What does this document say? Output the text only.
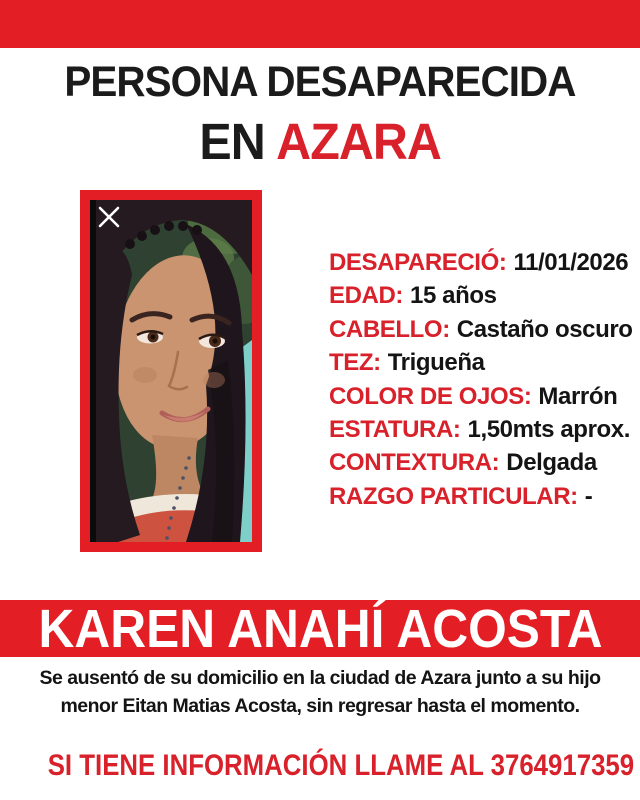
PERSONA DESAPARECIDA
EN AZARA
DESAPARECIÓ: 11/01/2026
EDAD: 15 años
CABELLO: Castaño oscuro
TEZ: Trigueña
COLOR DE OJOS: Marrón
ESTATURA: 1,50mts aprox.
CONTEXTURA: Delgada
RAZGO PARTICULAR: -
KAREN ANAHÍ ACOSTA
Se ausentó de su domicilio en la ciudad de Azara junto a su hijo menor Eitan Matias Acosta, sin regresar hasta el momento.
SI TIENE INFORMACIÓN LLAME AL 3764917359
